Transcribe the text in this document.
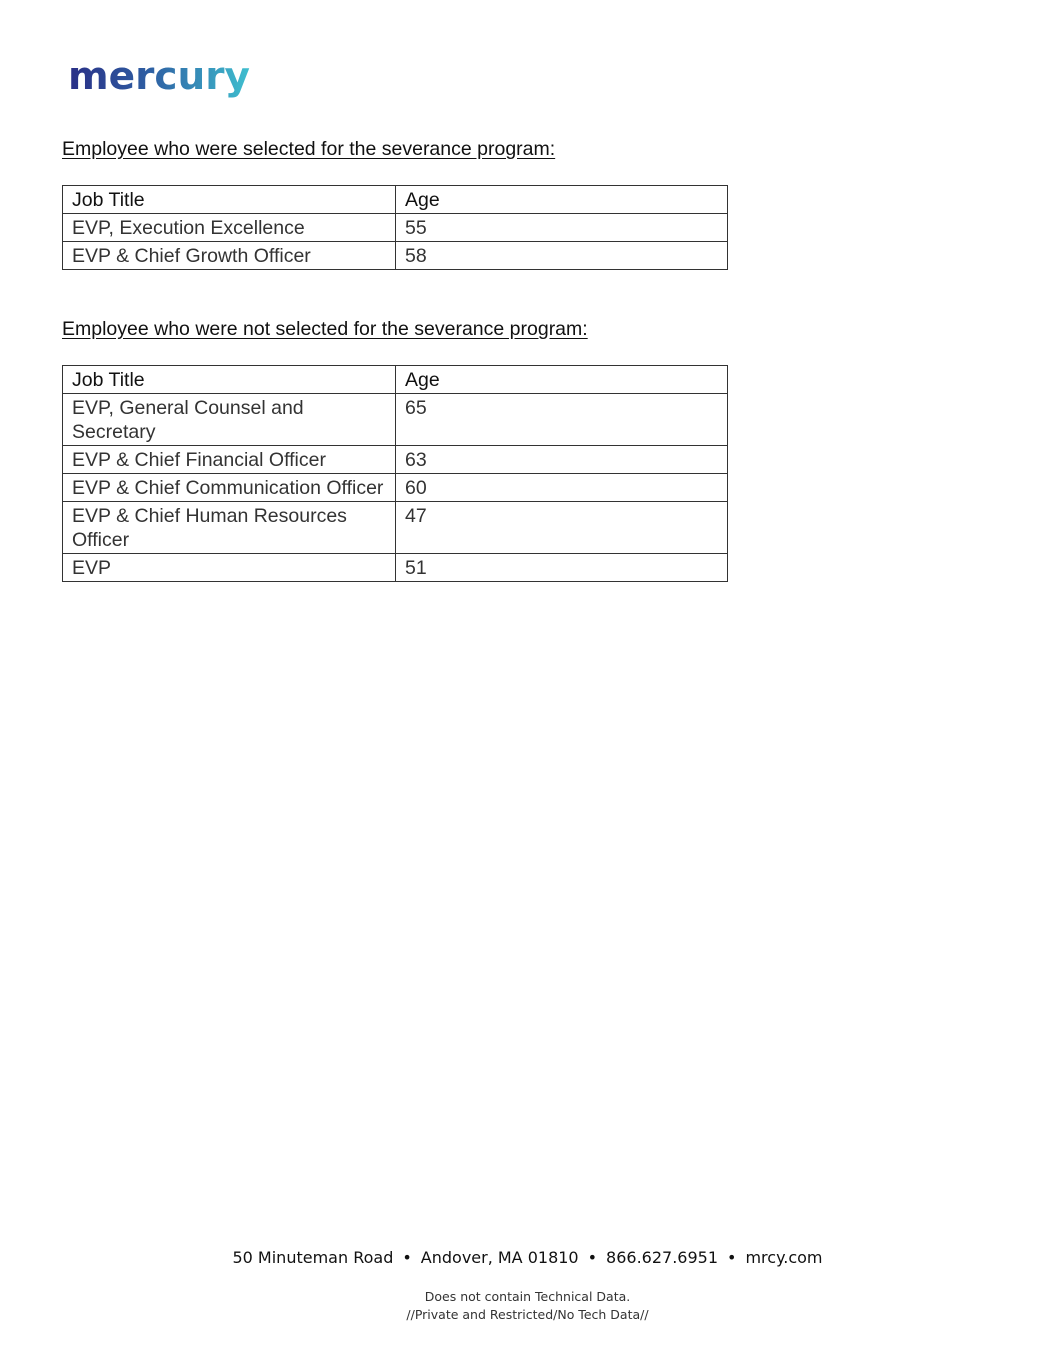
mercury
Employee who were selected for the severance program:
Job Title	Age
EVP, Execution Excellence	55
EVP & Chief Growth Officer	58
Employee who were not selected for the severance program:
Job Title	Age
EVP, General Counsel and Secretary	65
EVP & Chief Financial Officer	63
EVP & Chief Communication Officer	60
EVP & Chief Human Resources Officer	47
EVP	51
50 Minuteman Road • Andover, MA 01810 • 866.627.6951 • mrcy.com
Does not contain Technical Data.
//Private and Restricted/No Tech Data//
